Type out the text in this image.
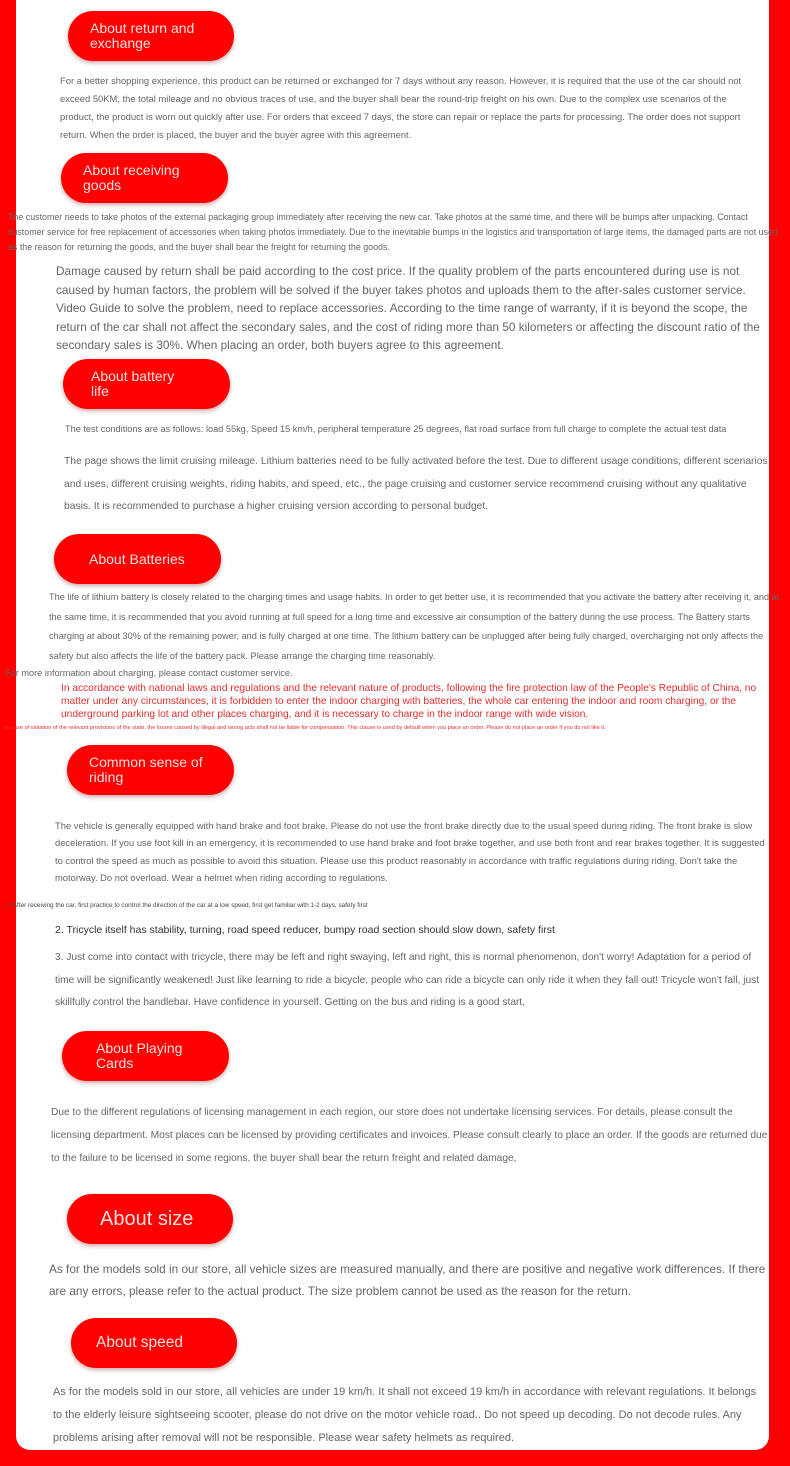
About return and exchange

For a better shopping experience, this product can be returned or exchanged for 7 days without any reason. However, it is required that the use of the car should not exceed 50KM, the total mileage and no obvious traces of use, and the buyer shall bear the round-trip freight on his own. Due to the complex use scenarios of the product, the product is worn out quickly after use. For orders that exceed 7 days, the store can repair or replace the parts for processing. The order does not support return. When the order is placed, the buyer and the buyer agree with this agreement.

About receiving goods

The customer needs to take photos of the external packaging group immediately after receiving the new car. Take photos at the same time, and there will be bumps after unpacking. Contact customer service for free replacement of accessories when taking photos immediately. Due to the inevitable bumps in the logistics and transportation of large items, the damaged parts are not used as the reason for returning the goods, and the buyer shall bear the freight for returning the goods.

Damage caused by return shall be paid according to the cost price. If the quality problem of the parts encountered during use is not caused by human factors, the problem will be solved if the buyer takes photos and uploads them to the after-sales customer service. Video Guide to solve the problem, need to replace accessories. According to the time range of warranty, if it is beyond the scope, the return of the car shall not affect the secondary sales, and the cost of riding more than 50 kilometers or affecting the discount ratio of the secondary sales is 30%. When placing an order, both buyers agree to this agreement.

About battery life

The test conditions are as follows: load 55kg, Speed 15 km/h, peripheral temperature 25 degrees, flat road surface from full charge to complete the actual test data

The page shows the limit cruising mileage. Lithium batteries need to be fully activated before the test. Due to different usage conditions, different scenarios and uses, different cruising weights, riding habits, and speed, etc., the page cruising and customer service recommend cruising without any qualitative basis. It is recommended to purchase a higher cruising version according to personal budget.

About Batteries

The life of lithium battery is closely related to the charging times and usage habits. In order to get better use, it is recommended that you activate the battery after receiving it, and at the same time, it is recommended that you avoid running at full speed for a long time and excessive air consumption of the battery during the use process. The Battery starts charging at about 30% of the remaining power, and is fully charged at one time. The lithium battery can be unplugged after being fully charged, overcharging not only affects the safety but also affects the life of the battery pack. Please arrange the charging time reasonably.

For more information about charging, please contact customer service.

In accordance with national laws and regulations and the relevant nature of products, following the fire protection law of the People's Republic of China, no matter under any circumstances, it is forbidden to enter the indoor charging with batteries, the whole car entering the indoor and room charging, or the underground parking lot and other places charging, and it is necessary to charge in the indoor range with wide vision.

In case of violation of the relevant provisions of the state, the losses caused by illegal and wrong acts shall not be liable for compensation. This clause is used by default when you place an order. Please do not place an order if you do not like it.

Common sense of riding

The vehicle is generally equipped with hand brake and foot brake. Please do not use the front brake directly due to the usual speed during riding. The front brake is slow deceleration. If you use foot kill in an emergency, it is recommended to use hand brake and foot brake together, and use both front and rear brakes together. It is suggested to control the speed as much as possible to avoid this situation. Please use this product reasonably in accordance with traffic regulations during riding. Don't take the motorway. Do not overload. Wear a helmet when riding according to regulations.

1. After receiving the car, first practice to control the direction of the car at a low speed, first get familiar with 1-2 days, safety first

2. Tricycle itself has stability, turning, road speed reducer, bumpy road section should slow down, safety first

3. Just come into contact with tricycle, there may be left and right swaying, left and right, this is normal phenomenon, don't worry! Adaptation for a period of time will be significantly weakened! Just like learning to ride a bicycle, people who can ride a bicycle can only ride it when they fall out! Tricycle won't fall, just skillfully control the handlebar. Have confidence in yourself. Getting on the bus and riding is a good start,

About Playing Cards

Due to the different regulations of licensing management in each region, our store does not undertake licensing services. For details, please consult the licensing department. Most places can be licensed by providing certificates and invoices. Please consult clearly to place an order. If the goods are returned due to the failure to be licensed in some regions, the buyer shall bear the return freight and related damage,

About size

As for the models sold in our store, all vehicle sizes are measured manually, and there are positive and negative work differences. If there are any errors, please refer to the actual product. The size problem cannot be used as the reason for the return.

About speed

As for the models sold in our store, all vehicles are under 19 km/h. It shall not exceed 19 km/h in accordance with relevant regulations. It belongs to the elderly leisure sightseeing scooter, please do not drive on the motor vehicle road.. Do not speed up decoding. Do not decode rules. Any problems arising after removal will not be responsible. Please wear safety helmets as required.
